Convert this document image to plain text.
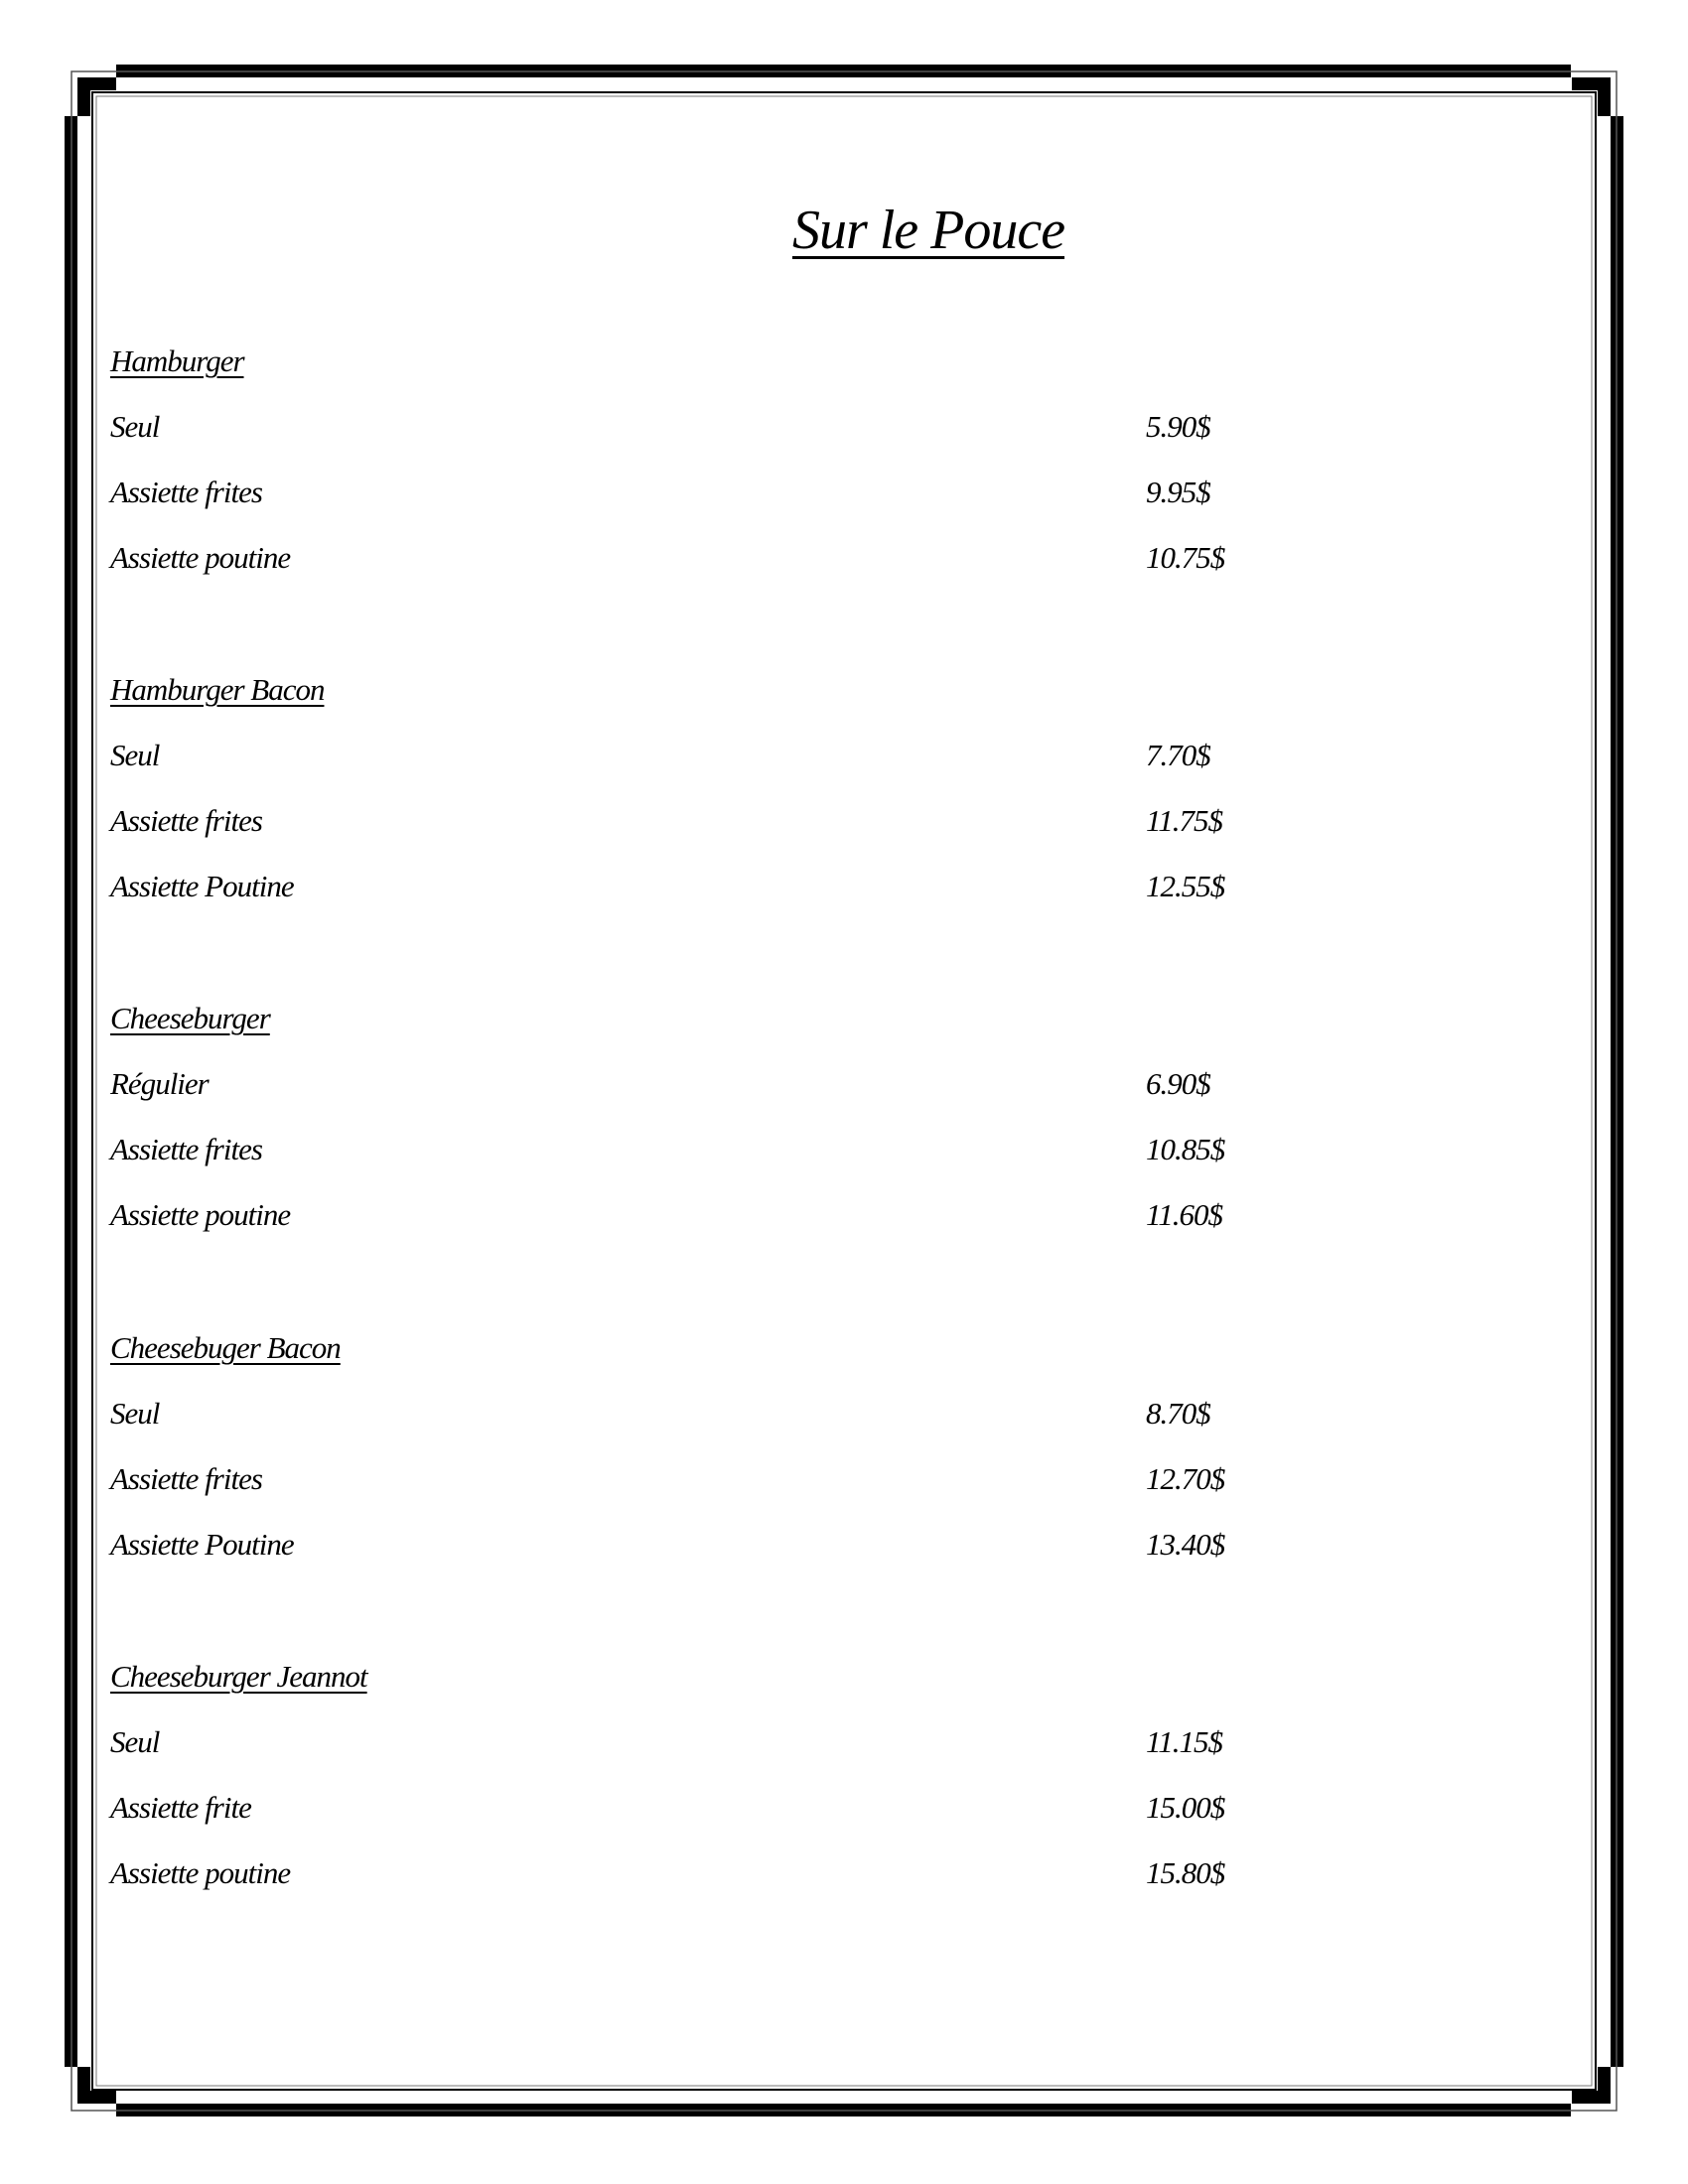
Sur le Pouce
Hamburger
Seul	5.90$
Assiette frites	9.95$
Assiette poutine	10.75$
Hamburger Bacon
Seul	7.70$
Assiette frites	11.75$
Assiette Poutine	12.55$
Cheeseburger
Régulier	6.90$
Assiette frites	10.85$
Assiette poutine	11.60$
Cheesebuger Bacon
Seul	8.70$
Assiette frites	12.70$
Assiette Poutine	13.40$
Cheeseburger Jeannot
Seul	11.15$
Assiette frite	15.00$
Assiette poutine	15.80$
